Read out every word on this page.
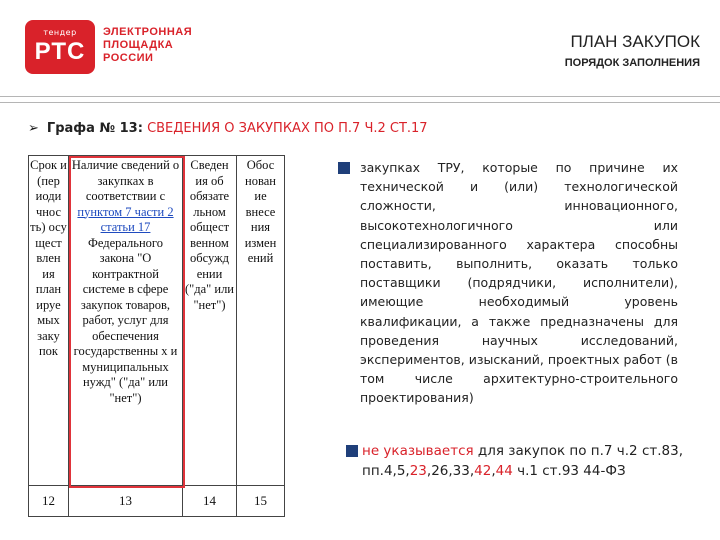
тендер
РТС
ЭЛЕКТРОННАЯ
ПЛОЩАДКА
РОССИИ
ПЛАН ЗАКУПОК
ПОРЯДОК ЗАПОЛНЕНИЯ
➢ Графа № 13: СВЕДЕНИЯ О ЗАКУПКАХ ПО П.7 Ч.2 СТ.17
Срок и (пер иоди чнос ть) осу щест влен ия план ируе мых заку пок	Наличие сведений о закупках в соответствии с пунктом 7 части 2 статьи 17 Федерального закона "О контрактной системе в сфере закупок товаров, работ, услуг для обеспечения государственны х и муниципальных нужд" ("да" или "нет")	Сведен ия об обязате льном общест венном обсужд ении ("да" или "нет")	Обос нован ие внесе ния измен ений
12	13	14	15
закупках ТРУ, которые по причине их технической и (или) технологической сложности, инновационного, высокотехнологичного или специализированного характера способны поставить, выполнить, оказать только поставщики (подрядчики, исполнители), имеющие необходимый уровень квалификации, а также предназначены для проведения научных исследований, экспериментов, изысканий, проектных работ (в том числе архитектурно-строительного проектирования)
не указывается для закупок по п.7 ч.2 ст.83, пп.4,5,23,26,33,42,44 ч.1 ст.93 44-ФЗ
